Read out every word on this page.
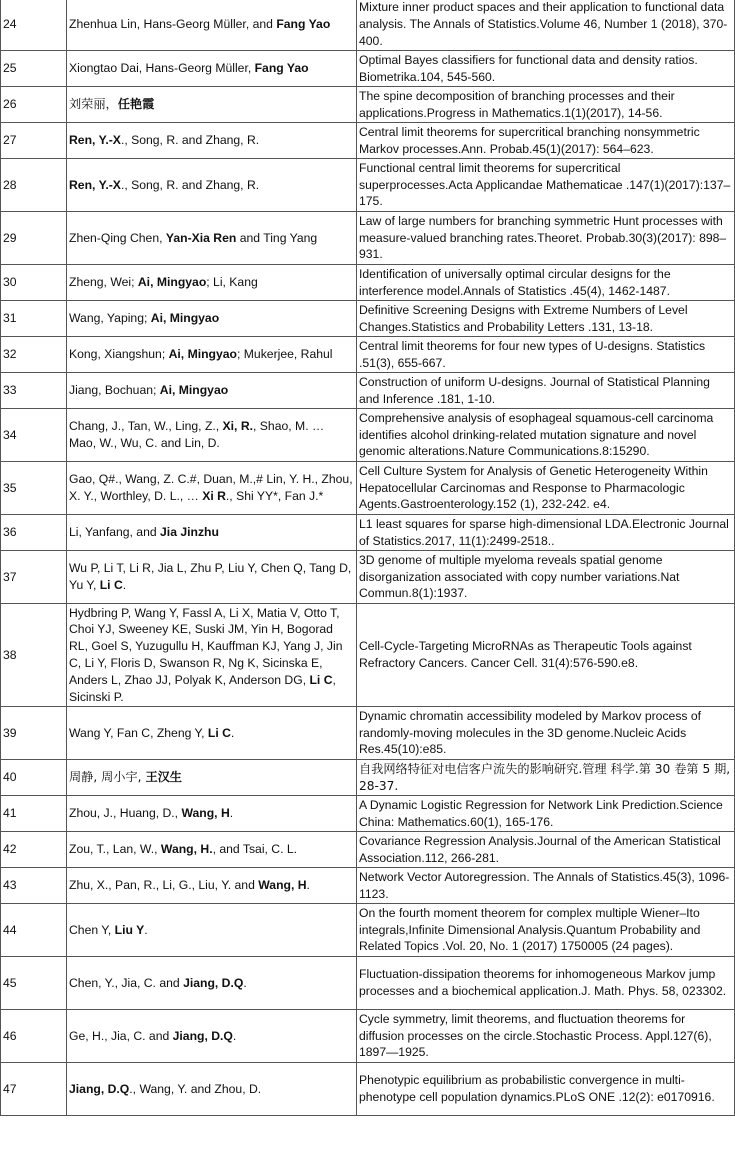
24	Zhenhua Lin, Hans-Georg Müller, and Fang Yao	Mixture inner product spaces and their application to functional data analysis. The Annals of Statistics.Volume 46, Number 1 (2018), 370-400.
25	Xiongtao Dai, Hans-Georg Müller, Fang Yao	Optimal Bayes classifiers for functional data and density ratios. Biometrika.104, 545-560.
26	刘荣丽，任艳霞	The spine decomposition of branching processes and their applications.Progress in Mathematics.1(1)(2017), 14-56.
27	Ren, Y.-X., Song, R. and Zhang, R.	Central limit theorems for supercritical branching nonsymmetric Markov processes.Ann. Probab.45(1)(2017): 564–623.
28	Ren, Y.-X., Song, R. and Zhang, R.	Functional central limit theorems for supercritical superprocesses.Acta Applicandae Mathematicae .147(1)(2017):137–175.
29	Zhen-Qing Chen, Yan-Xia Ren and Ting Yang	Law of large numbers for branching symmetric Hunt processes with measure-valued branching rates.Theoret. Probab.30(3)(2017): 898–931.
30	Zheng, Wei; Ai, Mingyao; Li, Kang	Identification of universally optimal circular designs for the interference model.Annals of Statistics .45(4), 1462-1487.
31	Wang, Yaping; Ai, Mingyao	Definitive Screening Designs with Extreme Numbers of Level Changes.Statistics and Probability Letters .131, 13-18.
32	Kong, Xiangshun; Ai, Mingyao; Mukerjee, Rahul	Central limit theorems for four new types of U-designs. Statistics .51(3), 655-667.
33	Jiang, Bochuan; Ai, Mingyao	Construction of uniform U-designs. Journal of Statistical Planning and Inference .181, 1-10.
34	Chang, J., Tan, W., Ling, Z., Xi, R., Shao, M. … Mao, W., Wu, C. and Lin, D.	Comprehensive analysis of esophageal squamous-cell carcinoma identifies alcohol drinking-related mutation signature and novel genomic alterations.Nature Communications.8:15290.
35	Gao, Q#., Wang, Z. C.#, Duan, M.,# Lin, Y. H., Zhou, X. Y., Worthley, D. L., … Xi R., Shi YY*, Fan J.*	Cell Culture System for Analysis of Genetic Heterogeneity Within Hepatocellular Carcinomas and Response to Pharmacologic Agents.Gastroenterology.152 (1), 232-242. e4.
36	Li, Yanfang, and Jia Jinzhu	L1 least squares for sparse high-dimensional LDA.Electronic Journal of Statistics.2017, 11(1):2499-2518..
37	Wu P, Li T, Li R, Jia L, Zhu P, Liu Y, Chen Q, Tang D, Yu Y, Li C.	3D genome of multiple myeloma reveals spatial genome disorganization associated with copy number variations.Nat Commun.8(1):1937.
38	Hydbring P, Wang Y, Fassl A, Li X, Matia V, Otto T, Choi YJ, Sweeney KE, Suski JM, Yin H, Bogorad RL, Goel S, Yuzugullu H, Kauffman KJ, Yang J, Jin C, Li Y, Floris D, Swanson R, Ng K, Sicinska E, Anders L, Zhao JJ, Polyak K, Anderson DG, Li C, Sicinski P.	Cell-Cycle-Targeting MicroRNAs as Therapeutic Tools against Refractory Cancers. Cancer Cell. 31(4):576-590.e8.
39	Wang Y, Fan C, Zheng Y, Li C.	Dynamic chromatin accessibility modeled by Markov process of randomly-moving molecules in the 3D genome.Nucleic Acids Res.45(10):e85.
40	周静, 周小宇, 王汉生	自我网络特征对电信客户流失的影响研究.管理 科学.第 30 卷第 5 期, 28-37.
41	Zhou, J., Huang, D., Wang, H.	A Dynamic Logistic Regression for Network Link Prediction.Science China: Mathematics.60(1), 165-176.
42	Zou, T., Lan, W., Wang, H., and Tsai, C. L.	Covariance Regression Analysis.Journal of the American Statistical Association.112, 266-281.
43	Zhu, X., Pan, R., Li, G., Liu, Y. and Wang, H.	Network Vector Autoregression. The Annals of Statistics.45(3), 1096-1123.
44	Chen Y, Liu Y.	On the fourth moment theorem for complex multiple Wiener–Ito integrals,Infinite Dimensional Analysis.Quantum Probability and Related Topics .Vol. 20, No. 1 (2017) 1750005 (24 pages).
45	Chen, Y., Jia, C. and Jiang, D.Q.	Fluctuation-dissipation theorems for inhomogeneous Markov jump processes and a biochemical application.J. Math. Phys. 58, 023302.
46	Ge, H., Jia, C. and Jiang, D.Q.	Cycle symmetry, limit theorems, and fluctuation theorems for diffusion processes on the circle.Stochastic Process. Appl.127(6), 1897—1925.
47	Jiang, D.Q., Wang, Y. and Zhou, D.	Phenotypic equilibrium as probabilistic convergence in multi-phenotype cell population dynamics.PLoS ONE .12(2): e0170916.
